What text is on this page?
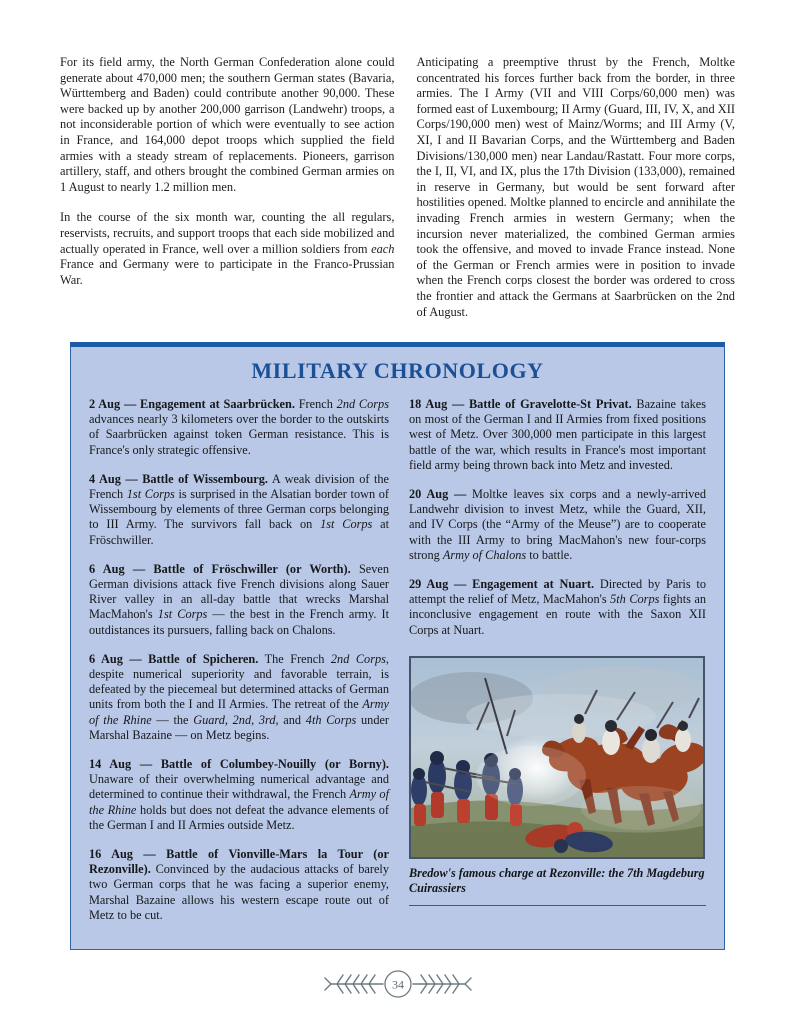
For its field army, the North German Confederation alone could generate about 470,000 men; the southern German states (Bavaria, Württemberg and Baden) could contribute another 90,000. These were backed up by another 200,000 garrison (Landwehr) troops, a not inconsiderable portion of which were eventually to see action in France, and 164,000 depot troops which supplied the field armies with a steady stream of replacements. Pioneers, garrison artillery, staff, and others brought the combined German armies on 1 August to nearly 1.2 million men.

In the course of the six month war, counting the all regulars, reservists, recruits, and support troops that each side mobilized and actually operated in France, well over a million soldiers from each France and Germany were to participate in the Franco-Prussian War.

Anticipating a preemptive thrust by the French, Moltke concentrated his forces further back from the border, in three armies. The I Army (VII and VIII Corps/60,000 men) was formed east of Luxembourg; II Army (Guard, III, IV, X, and XII Corps/190,000 men) west of Mainz/Worms; and III Army (V, XI, I and II Bavarian Corps, and the Württemberg and Baden Divisions/130,000 men) near Landau/Rastatt. Four more corps, the I, II, VI, and IX, plus the 17th Division (133,000), remained in reserve in Germany, but would be sent forward after hostilities opened. Moltke planned to encircle and annihilate the invading French armies in western Germany; when the incursion never materialized, the combined German armies took the offensive, and moved to invade France instead. None of the German or French armies were in position to invade when the French corps closest the border was ordered to cross the frontier and attack the Germans at Saarbrücken on the 2nd of August.

MILITARY CHRONOLOGY

2 Aug — Engagement at Saarbrücken. French 2nd Corps advances nearly 3 kilometers over the border to the outskirts of Saarbrücken against token German resistance. This is France's only strategic offensive.

4 Aug — Battle of Wissembourg. A weak division of the French 1st Corps is surprised in the Alsatian border town of Wissembourg by elements of three German corps belonging to III Army. The survivors fall back on 1st Corps at Fröschwiller.

6 Aug — Battle of Fröschwiller (or Worth). Seven German divisions attack five French divisions along Sauer River valley in an all-day battle that wrecks Marshal MacMahon's 1st Corps — the best in the French army. It outdistances its pursuers, falling back on Chalons.

6 Aug — Battle of Spicheren. The French 2nd Corps, despite numerical superiority and favorable terrain, is defeated by the piecemeal but determined attacks of German units from both the I and II Armies. The retreat of the Army of the Rhine — the Guard, 2nd, 3rd, and 4th Corps under Marshal Bazaine — on Metz begins.

14 Aug — Battle of Columbey-Nouilly (or Borny). Unaware of their overwhelming numerical advantage and determined to continue their withdrawal, the French Army of the Rhine holds but does not defeat the advance elements of the German I and II Armies outside Metz.

16 Aug — Battle of Vionville-Mars la Tour (or Rezonville). Convinced by the audacious attacks of barely two German corps that he was facing a superior enemy, Marshal Bazaine allows his western escape route out of Metz to be cut.

18 Aug — Battle of Gravelotte-St Privat. Bazaine takes on most of the German I and II Armies from fixed positions west of Metz. Over 300,000 men participate in this largest battle of the war, which results in France's most important field army being thrown back into Metz and invested.

20 Aug — Moltke leaves six corps and a newly-arrived Landwehr division to invest Metz, while the Guard, XII, and IV Corps (the “Army of the Meuse”) are to cooperate with the III Army to bring MacMahon's new four-corps strong Army of Chalons to battle.

29 Aug — Engagement at Nuart. Directed by Paris to attempt the relief of Metz, MacMahon's 5th Corps fights an inconclusive engagement en route with the Saxon XII Corps at Nuart.

Bredow's famous charge at Rezonville: the 7th Magdeburg Cuirassiers
34
